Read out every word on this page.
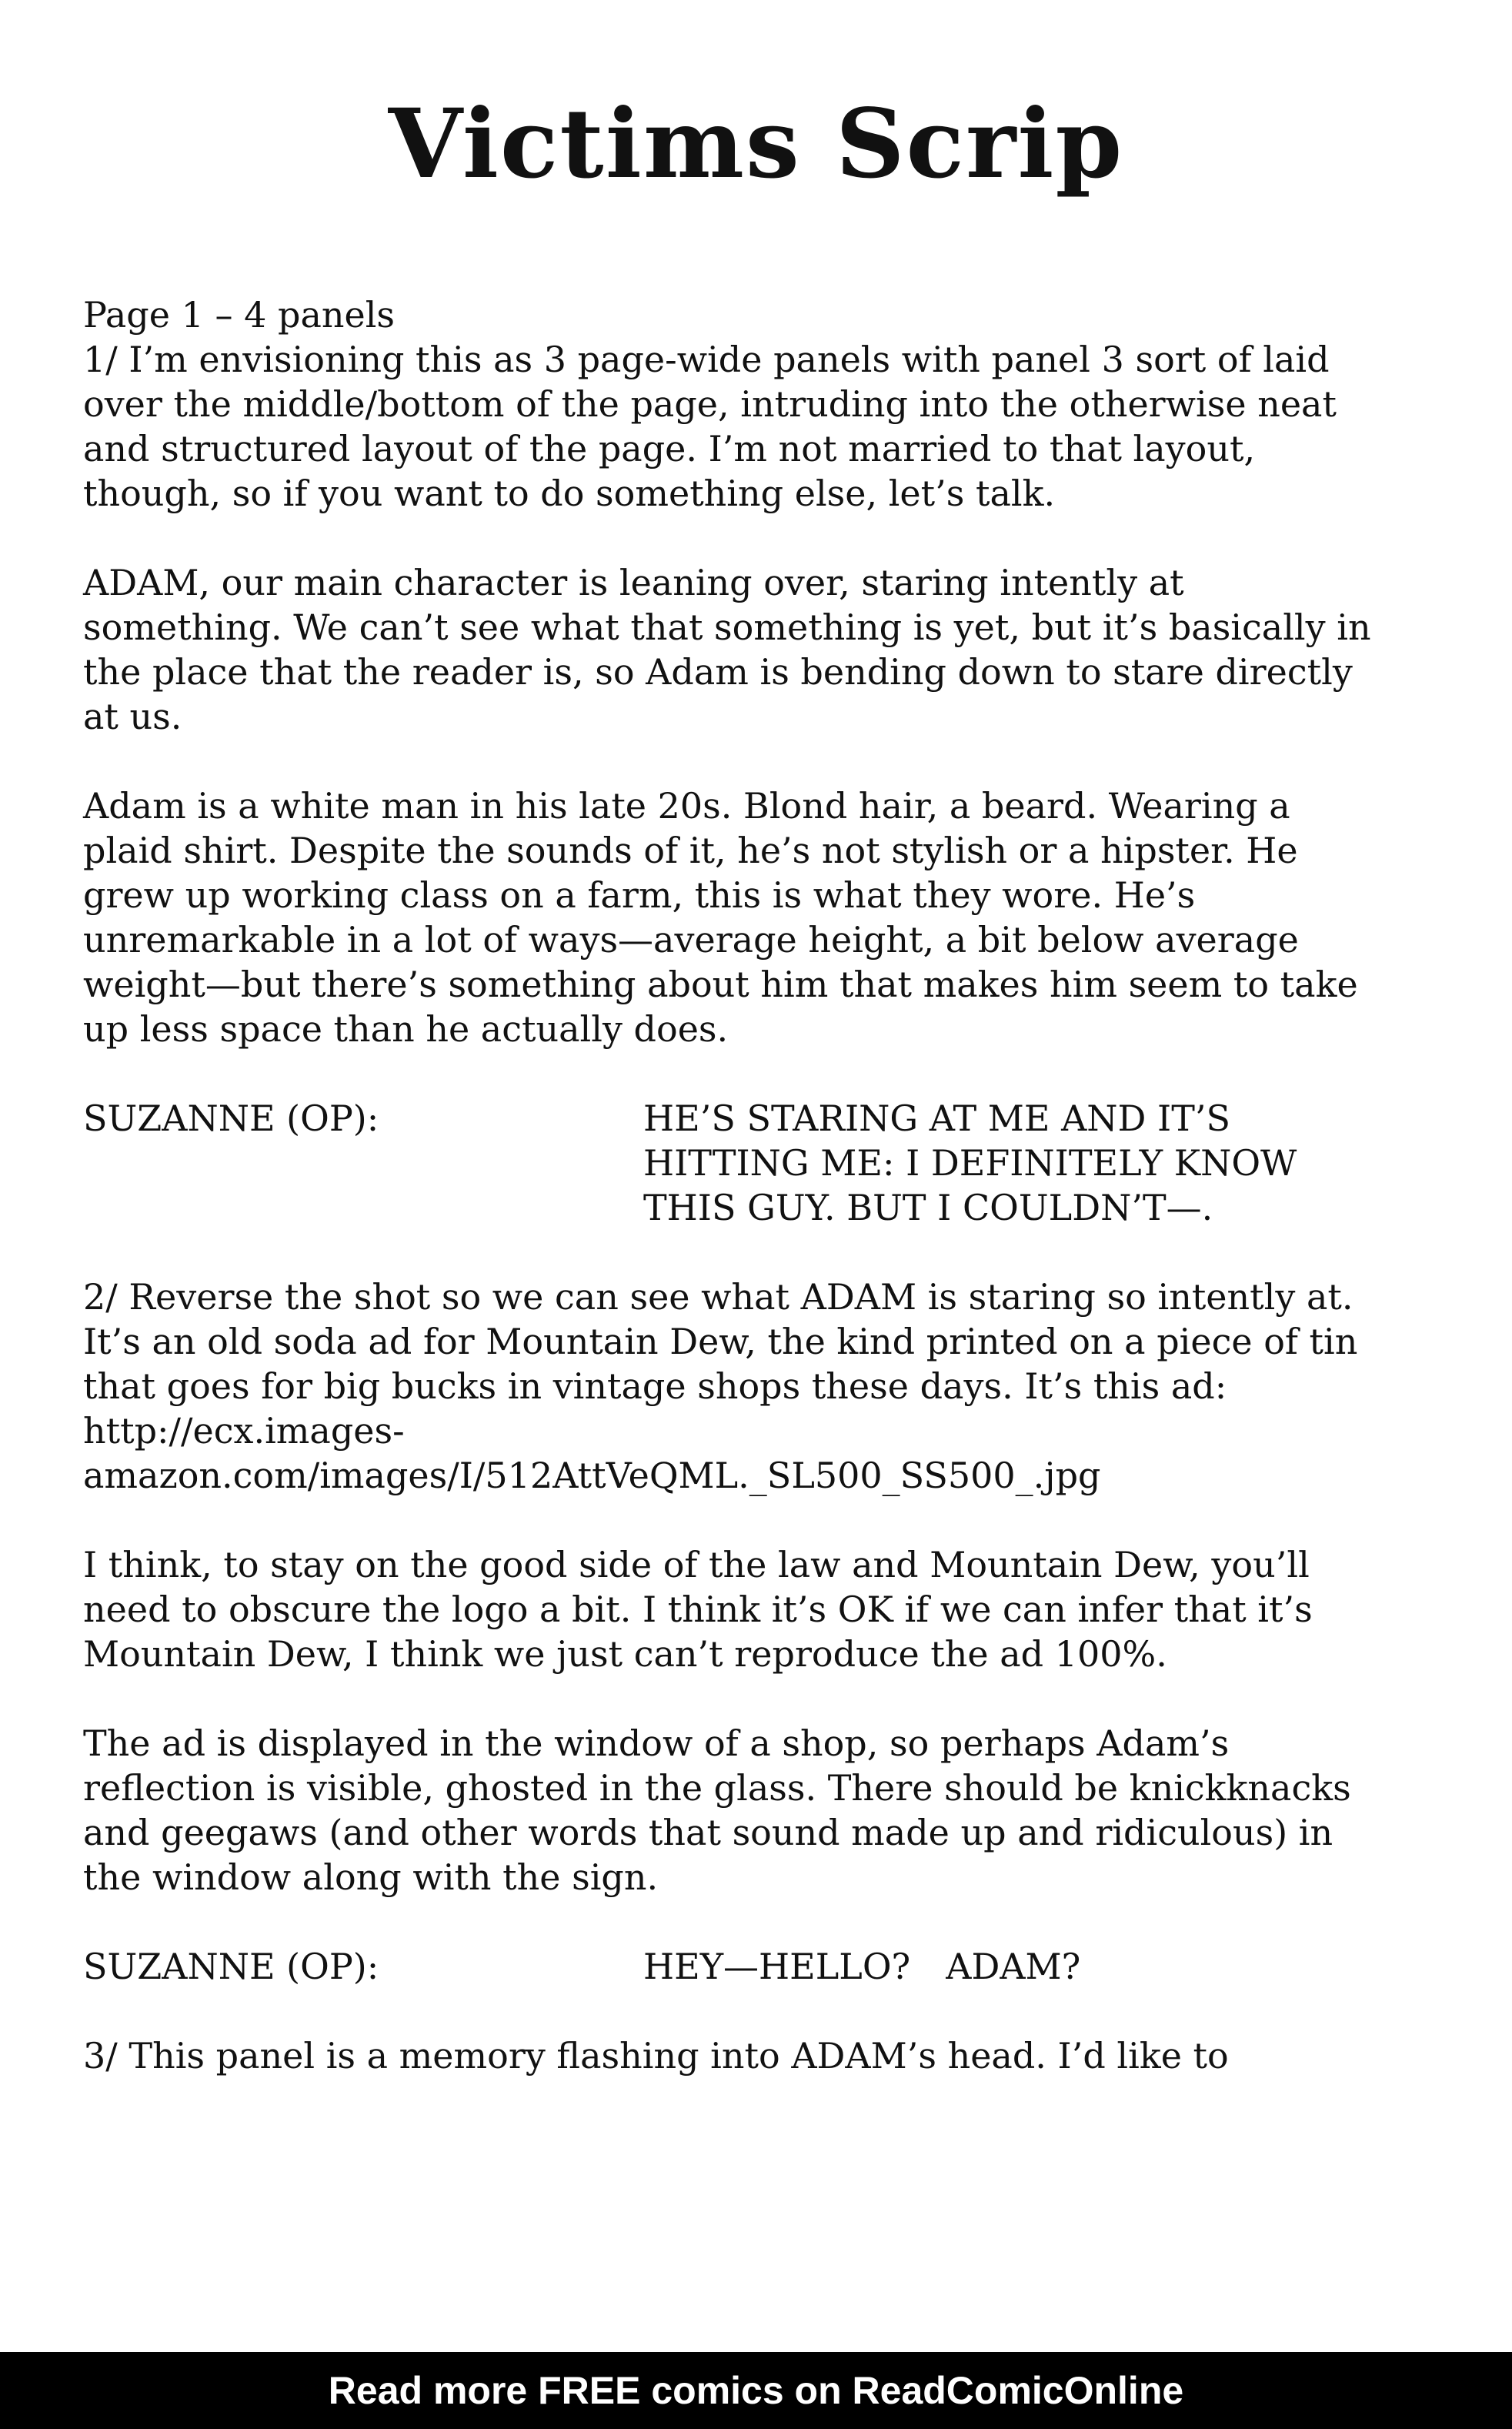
Victims Scrip

Page 1 – 4 panels

1/ I’m envisioning this as 3 page-wide panels with panel 3 sort of laid over the middle/bottom of the page, intruding into the otherwise neat and structured layout of the page. I’m not married to that layout, though, so if you want to do something else, let’s talk.

ADAM, our main character is leaning over, staring intently at something. We can’t see what that something is yet, but it’s basically in the place that the reader is, so Adam is bending down to stare directly at us.

Adam is a white man in his late 20s. Blond hair, a beard. Wearing a plaid shirt. Despite the sounds of it, he’s not stylish or a hipster. He grew up working class on a farm, this is what they wore. He’s unremarkable in a lot of ways—average height, a bit below average weight—but there’s something about him that makes him seem to take up less space than he actually does.

SUZANNE (OP):	HE’S STARING AT ME AND IT’S HITTING ME: I DEFINITELY KNOW THIS GUY. BUT I COULDN’T—.

2/ Reverse the shot so we can see what ADAM is staring so intently at. It’s an old soda ad for Mountain Dew, the kind printed on a piece of tin that goes for big bucks in vintage shops these days. It’s this ad: http://ecx.images-amazon.com/images/I/512AttVeQML._SL500_SS500_.jpg

I think, to stay on the good side of the law and Mountain Dew, you’ll need to obscure the logo a bit. I think it’s OK if we can infer that it’s Mountain Dew, I think we just can’t reproduce the ad 100%.

The ad is displayed in the window of a shop, so perhaps Adam’s reflection is visible, ghosted in the glass. There should be knickknacks and geegaws (and other words that sound made up and ridiculous) in the window along with the sign.

SUZANNE (OP):	HEY—HELLO? ADAM?

3/ This panel is a memory flashing into ADAM’s head. I’d like to

Read more FREE comics on ReadComicOnline
